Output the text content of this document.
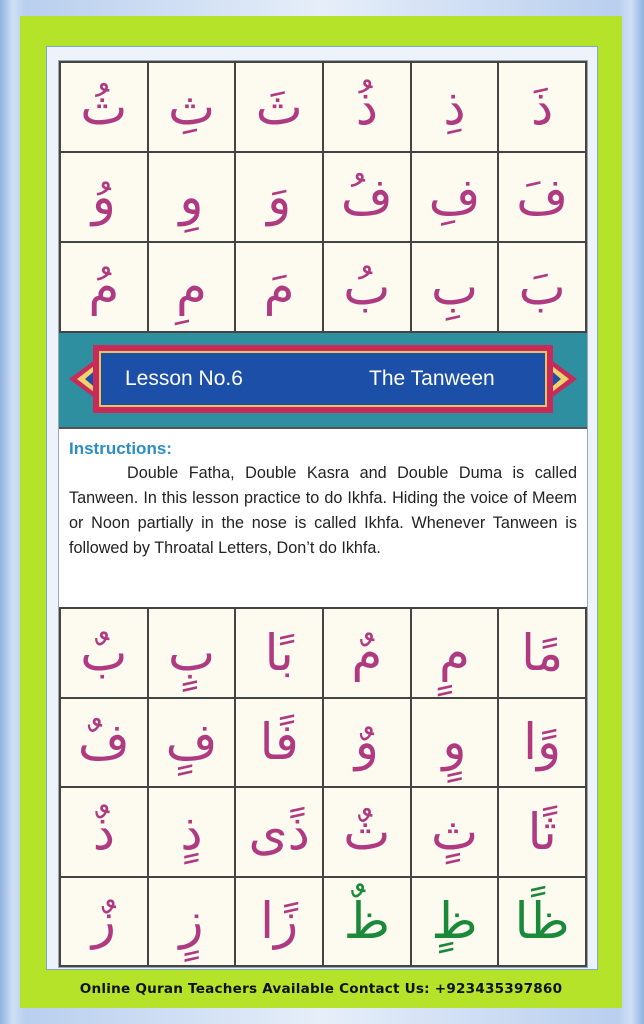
ثُ ثِ ثَ	ذُ	ذِ	ذَ
وُ	وِ	وَ فُ فِ فَ
مُ	مِ	مَ بُ بِ بَ
Lesson No.6	The Tanween

Instructions:

Double Fatha, Double Kasra and Double Duma is called Tanween. In this lesson practice to do Ikhfa. Hiding the voice of Meem or Noon partially in the nose is called Ikhfa. Whenever Tanween is followed by Throatal Letters, Don’t do Ikhfa.

بٌ بٍ بًا	مٌ	مٍ	مًا
فٌ فٍ فًا	وٌ	وٍ	وًا
ذٌ	ذٍ ذًى ثٌ ثٍ ثًا
زٌ	زٍ	زًا ظٌ ظٍ ظًا
Online Quran Teachers Available Contact Us: +923435397860
